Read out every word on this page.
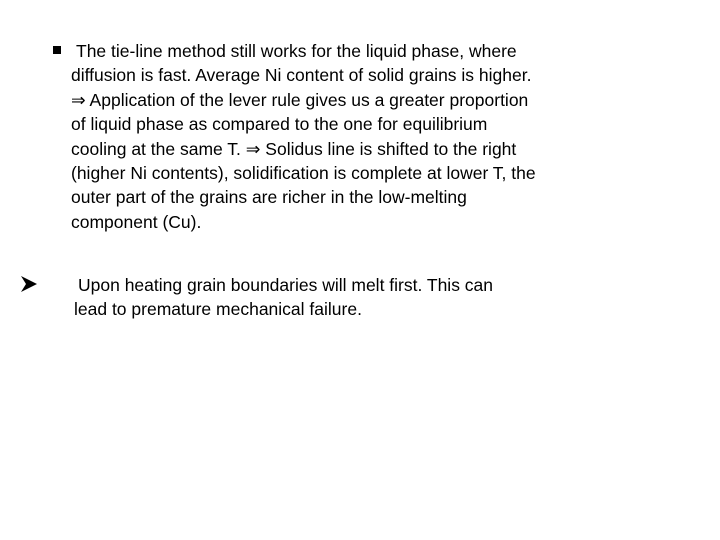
The tie-line method still works for the liquid phase, where
diffusion is fast. Average Ni content of solid grains is higher.
⇒ Application of the lever rule gives us a greater proportion
of liquid phase as compared to the one for equilibrium
cooling at the same T. ⇒ Solidus line is shifted to the right
(higher Ni contents), solidification is complete at lower T, the
outer part of the grains are richer in the low-melting
component (Cu).
Upon heating grain boundaries will melt first. This can
lead to premature mechanical failure.
